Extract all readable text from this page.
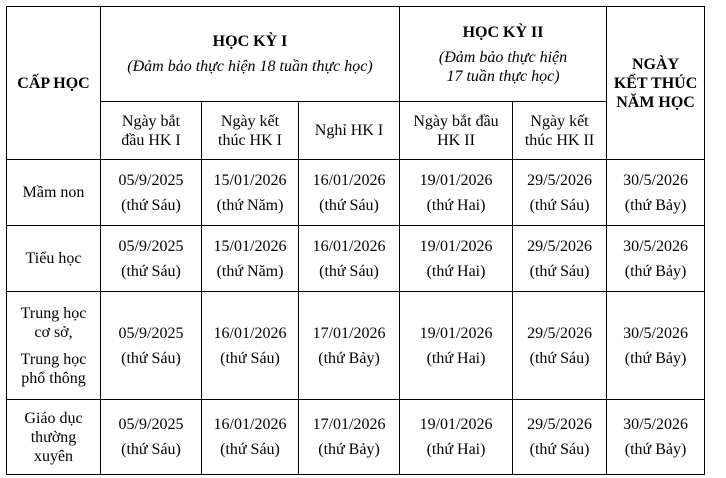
CẤP HỌC	HỌC KỲ I
(Đảm bảo thực hiện 18 tuần thực học)			HỌC KỲ II
(Đảm bảo thực hiện
17 tuần thực học)		NGÀY
KẾT THÚC
NĂM HỌC

	Ngày bắt
đầu HK I	Ngày kết
thúc HK I	Nghỉ HK I	Ngày bắt đầu
HK II	Ngày kết
thúc HK II	

Mầm non	05/9/2025
(thứ Sáu)	15/01/2026
(thứ Năm)	16/01/2026
(thứ Sáu)	19/01/2026
(thứ Hai)	29/5/2026
(thứ Sáu)	30/5/2026
(thứ Bảy)

Tiểu học	05/9/2025
(thứ Sáu)	15/01/2026
(thứ Năm)	16/01/2026
(thứ Sáu)	19/01/2026
(thứ Hai)	29/5/2026
(thứ Sáu)	30/5/2026
(thứ Bảy)

Trung học
cơ sở,
Trung học
phổ thông	05/9/2025
(thứ Sáu)	16/01/2026
(thứ Sáu)	17/01/2026
(thứ Bảy)	19/01/2026
(thứ Hai)	29/5/2026
(thứ Sáu)	30/5/2026
(thứ Bảy)

Giáo dục
thường
xuyên	05/9/2025
(thứ Sáu)	16/01/2026
(thứ Sáu)	17/01/2026
(thứ Bảy)	19/01/2026
(thứ Hai)	29/5/2026
(thứ Sáu)	30/5/2026
(thứ Bảy)
